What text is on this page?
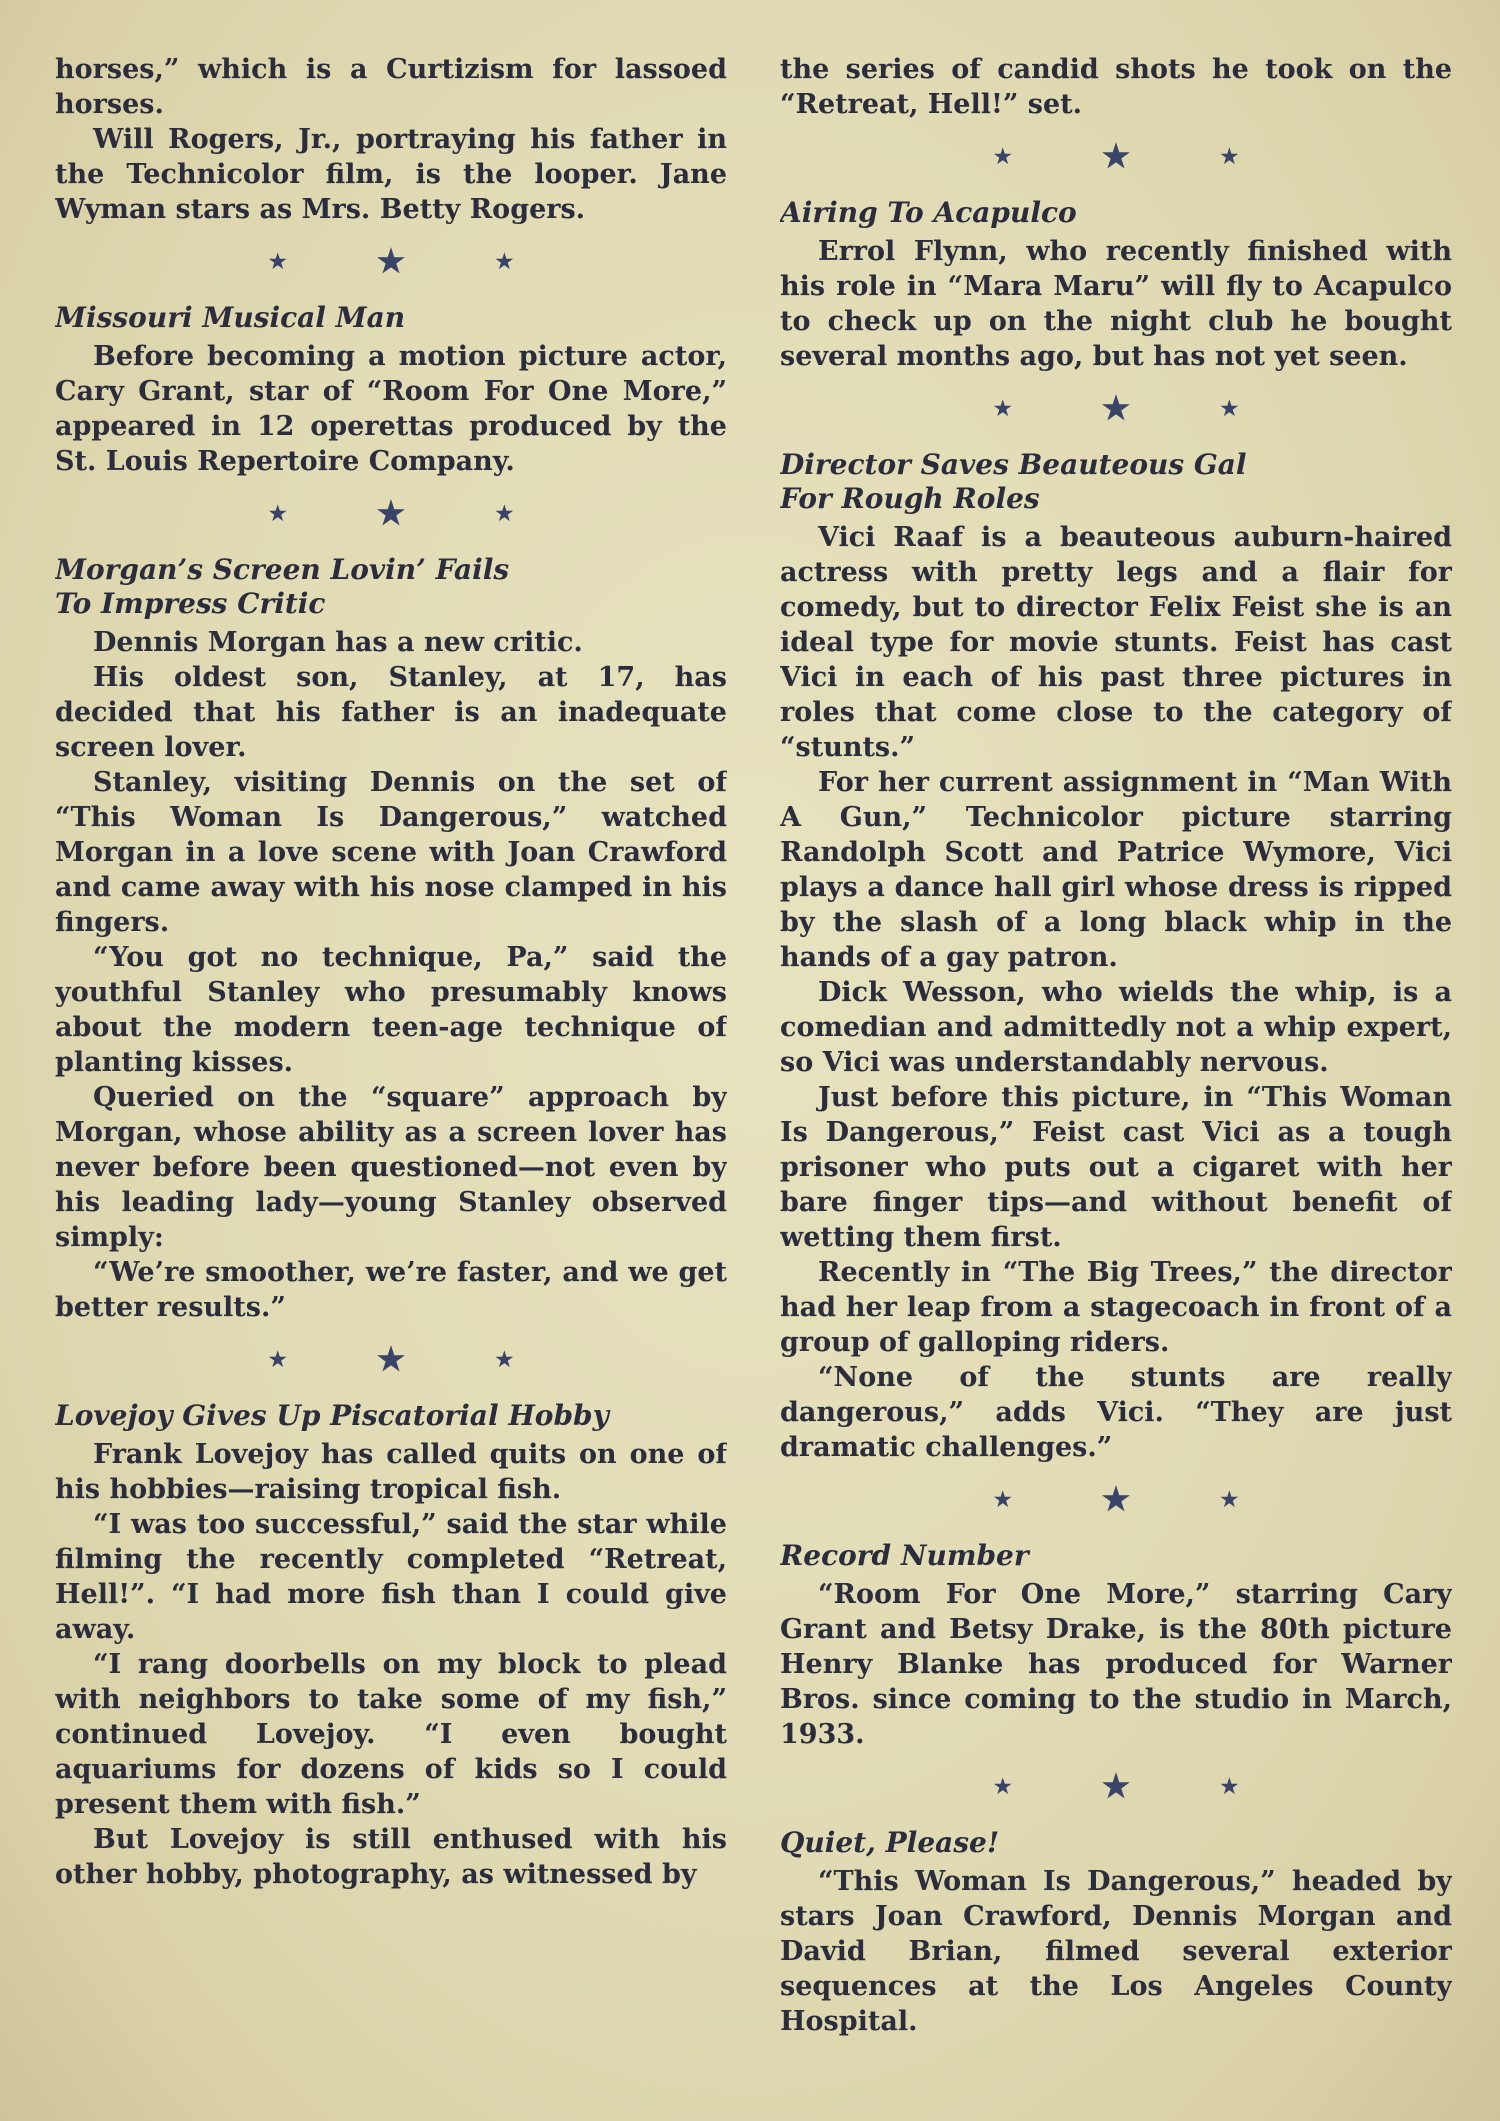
horses,” which is a Curtizism for lassoed horses.

Will Rogers, Jr., portraying his father in the Technicolor film, is the looper. Jane Wyman stars as Mrs. Betty Rogers.

★	★	★
Missouri Musical Man

Before becoming a motion picture actor, Cary Grant, star of “Room For One More,” appeared in 12 operettas produced by the St. Louis Repertoire Company.

★	★	★
Morgan’s Screen Lovin’ Fails
To Impress Critic

Dennis Morgan has a new critic.

His oldest son, Stanley, at 17, has decided that his father is an inadequate screen lover.

Stanley, visiting Dennis on the set of “This Woman Is Dangerous,” watched Morgan in a love scene with Joan Crawford and came away with his nose clamped in his fingers.

“You got no technique, Pa,” said the youthful Stanley who presumably knows about the modern teen-age technique of planting kisses.

Queried on the “square” approach by Morgan, whose ability as a screen lover has never before been questioned—not even by his leading lady—young Stanley observed simply:

“We’re smoother, we’re faster, and we get better results.”

★	★	★
Lovejoy Gives Up Piscatorial Hobby

Frank Lovejoy has called quits on one of his hobbies—raising tropical fish.

“I was too successful,” said the star while filming the recently completed “Retreat, Hell!”. “I had more fish than I could give away.

“I rang doorbells on my block to plead with neighbors to take some of my fish,” continued Lovejoy. “I even bought aquariums for dozens of kids so I could present them with fish.”

But Lovejoy is still enthused with his other hobby, photography, as witnessed by

the series of candid shots he took on the “Retreat, Hell!” set.

★	★	★
Airing To Acapulco

Errol Flynn, who recently finished with his role in “Mara Maru” will fly to Acapulco to check up on the night club he bought several months ago, but has not yet seen.

★	★	★
Director Saves Beauteous Gal
For Rough Roles

Vici Raaf is a beauteous auburn-haired actress with pretty legs and a flair for comedy, but to director Felix Feist she is an ideal type for movie stunts. Feist has cast Vici in each of his past three pictures in roles that come close to the category of “stunts.”

For her current assignment in “Man With A Gun,” Technicolor picture starring Randolph Scott and Patrice Wymore, Vici plays a dance hall girl whose dress is ripped by the slash of a long black whip in the hands of a gay patron.

Dick Wesson, who wields the whip, is a comedian and admittedly not a whip expert, so Vici was understandably nervous.

Just before this picture, in “This Woman Is Dangerous,” Feist cast Vici as a tough prisoner who puts out a cigaret with her bare finger tips—and without benefit of wetting them first.

Recently in “The Big Trees,” the director had her leap from a stagecoach in front of a group of galloping riders.

“None of the stunts are really dangerous,” adds Vici. “They are just dramatic challenges.”

★	★	★
Record Number

“Room For One More,” starring Cary Grant and Betsy Drake, is the 80th picture Henry Blanke has produced for Warner Bros. since coming to the studio in March, 1933.

★	★	★
Quiet, Please!

“This Woman Is Dangerous,” headed by stars Joan Crawford, Dennis Morgan and David Brian, filmed several exterior sequences at the Los Angeles County Hospital.
